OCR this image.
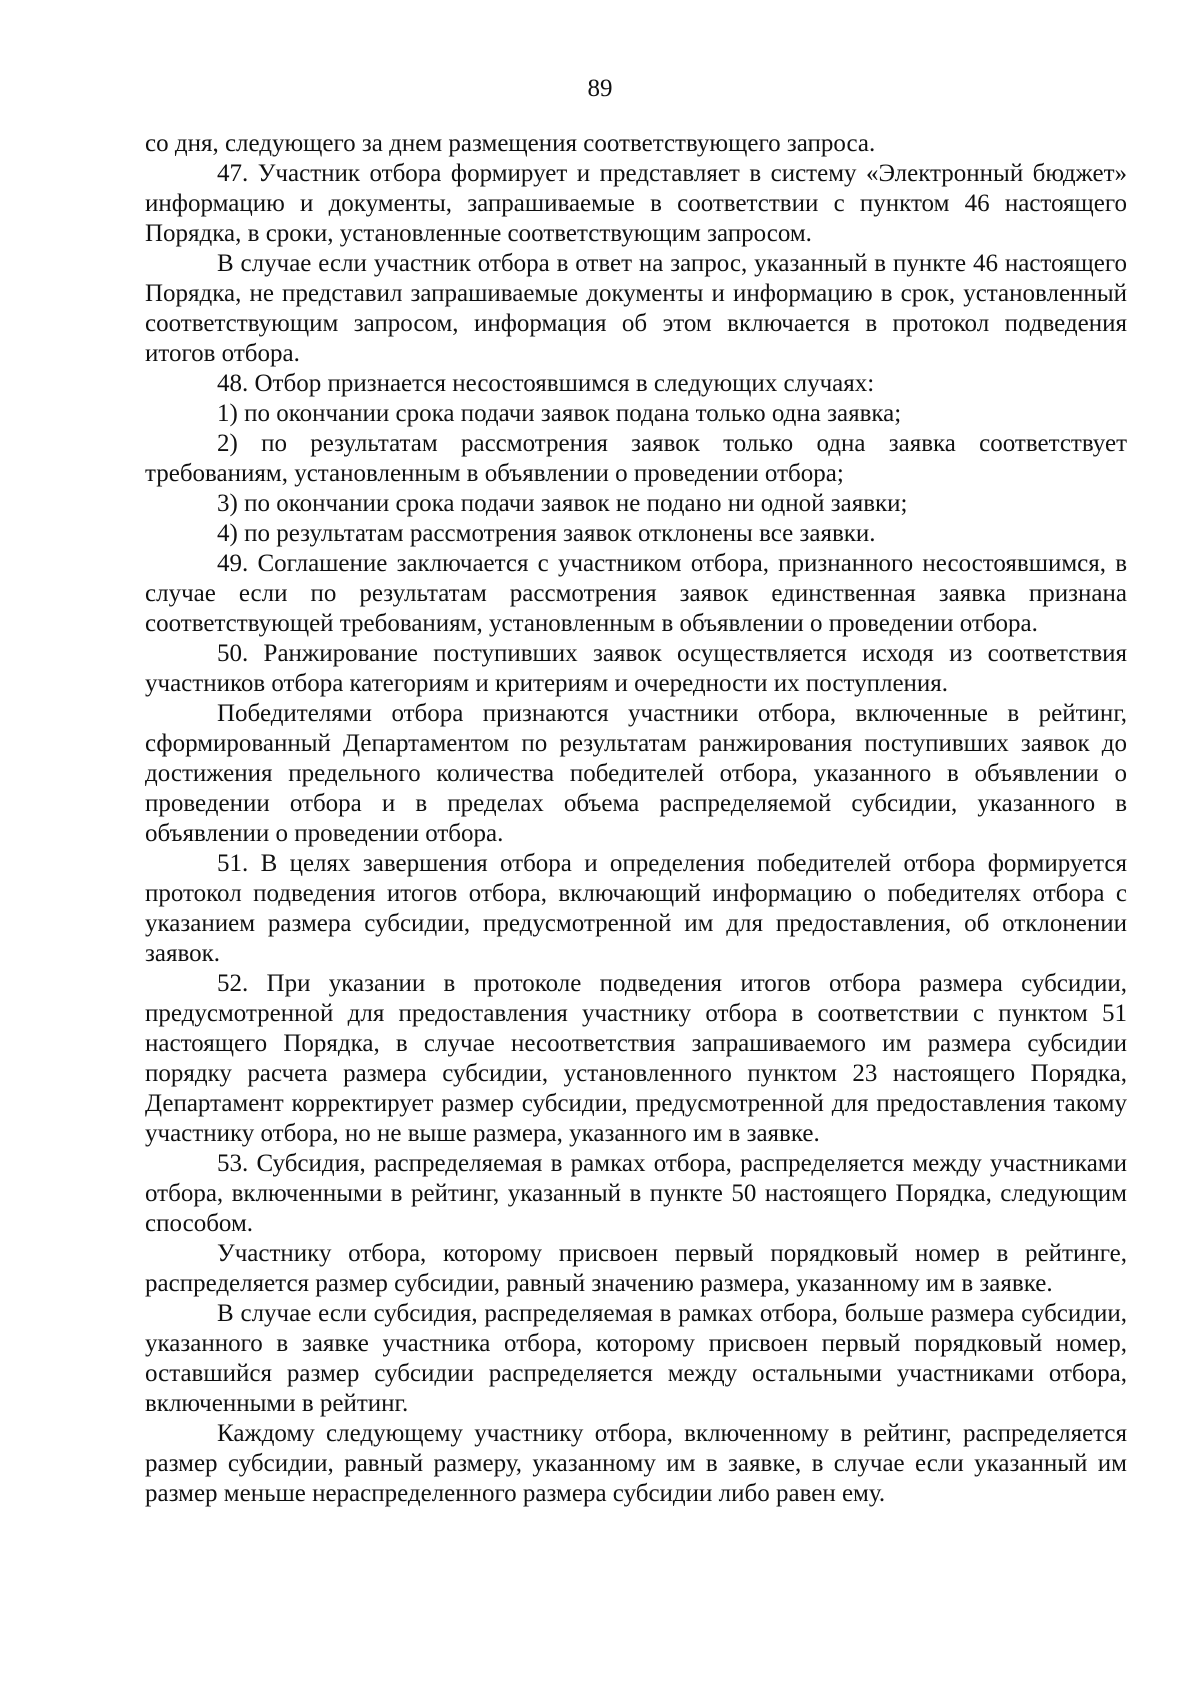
89

со дня, следующего за днем размещения соответствующего запроса.

47. Участник отбора формирует и представляет в систему «Электронный бюджет» информацию и документы, запрашиваемые в соответствии с пунктом 46 настоящего Порядка, в сроки, установленные соответствующим запросом.

В случае если участник отбора в ответ на запрос, указанный в пункте 46 настоящего Порядка, не представил запрашиваемые документы и информацию в срок, установленный соответствующим запросом, информация об этом включается в протокол подведения итогов отбора.

48. Отбор признается несостоявшимся в следующих случаях:

1) по окончании срока подачи заявок подана только одна заявка;

2) по результатам рассмотрения заявок только одна заявка соответствует требованиям, установленным в объявлении о проведении отбора;

3) по окончании срока подачи заявок не подано ни одной заявки;

4) по результатам рассмотрения заявок отклонены все заявки.

49. Соглашение заключается с участником отбора, признанного несостоявшимся, в случае если по результатам рассмотрения заявок единственная заявка признана соответствующей требованиям, установленным в объявлении о проведении отбора.

50. Ранжирование поступивших заявок осуществляется исходя из соответствия участников отбора категориям и критериям и очередности их поступления.

Победителями отбора признаются участники отбора, включенные в рейтинг, сформированный Департаментом по результатам ранжирования поступивших заявок до достижения предельного количества победителей отбора, указанного в объявлении о проведении отбора и в пределах объема распределяемой субсидии, указанного в объявлении о проведении отбора.

51. В целях завершения отбора и определения победителей отбора формируется протокол подведения итогов отбора, включающий информацию о победителях отбора с указанием размера субсидии, предусмотренной им для предоставления, об отклонении заявок.

52. При указании в протоколе подведения итогов отбора размера субсидии, предусмотренной для предоставления участнику отбора в соответствии с пунктом 51 настоящего Порядка, в случае несоответствия запрашиваемого им размера субсидии порядку расчета размера субсидии, установленного пунктом 23 настоящего Порядка, Департамент корректирует размер субсидии, предусмотренной для предоставления такому участнику отбора, но не выше размера, указанного им в заявке.

53. Субсидия, распределяемая в рамках отбора, распределяется между участниками отбора, включенными в рейтинг, указанный в пункте 50 настоящего Порядка, следующим способом.

Участнику отбора, которому присвоен первый порядковый номер в рейтинге, распределяется размер субсидии, равный значению размера, указанному им в заявке.

В случае если субсидия, распределяемая в рамках отбора, больше размера субсидии, указанного в заявке участника отбора, которому присвоен первый порядковый номер, оставшийся размер субсидии распределяется между остальными участниками отбора, включенными в рейтинг.

Каждому следующему участнику отбора, включенному в рейтинг, распределяется размер субсидии, равный размеру, указанному им в заявке, в случае если указанный им размер меньше нераспределенного размера субсидии либо равен ему.
